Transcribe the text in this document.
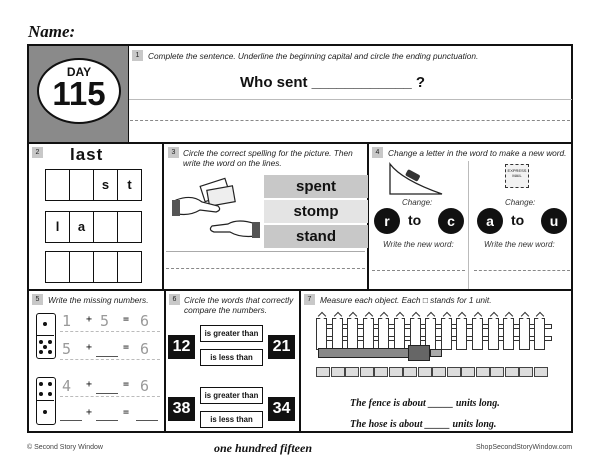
Name:
DAY
115
1	Complete the sentence. Underline the beginning capital and circle the ending punctuation.
Who sent ____________ ?
2 last
s	t
l	a
3 Circle the correct spelling for the picture. Then write the word on the lines.
spent
stomp
stand
4	Change a letter in the word to make a new word.
Change:
r	to	c
Write the new word:
EXPRESS MAIL
Change:
a	to	u
Write the new word:
5	Write the missing numbers.
1 + 5 = 6
5 +	= 6
4 +	= 6
+	=
6 Circle the words that correctly compare the numbers.
12
is greater than
is less than
21
38
is greater than
is less than
34
7	Measure each object. Each □ stands for 1 unit.
The fence is about _____ units long.
The hose is about _____ units long.
© Second Story Window	one hundred fifteen	ShopSecondStoryWindow.com
